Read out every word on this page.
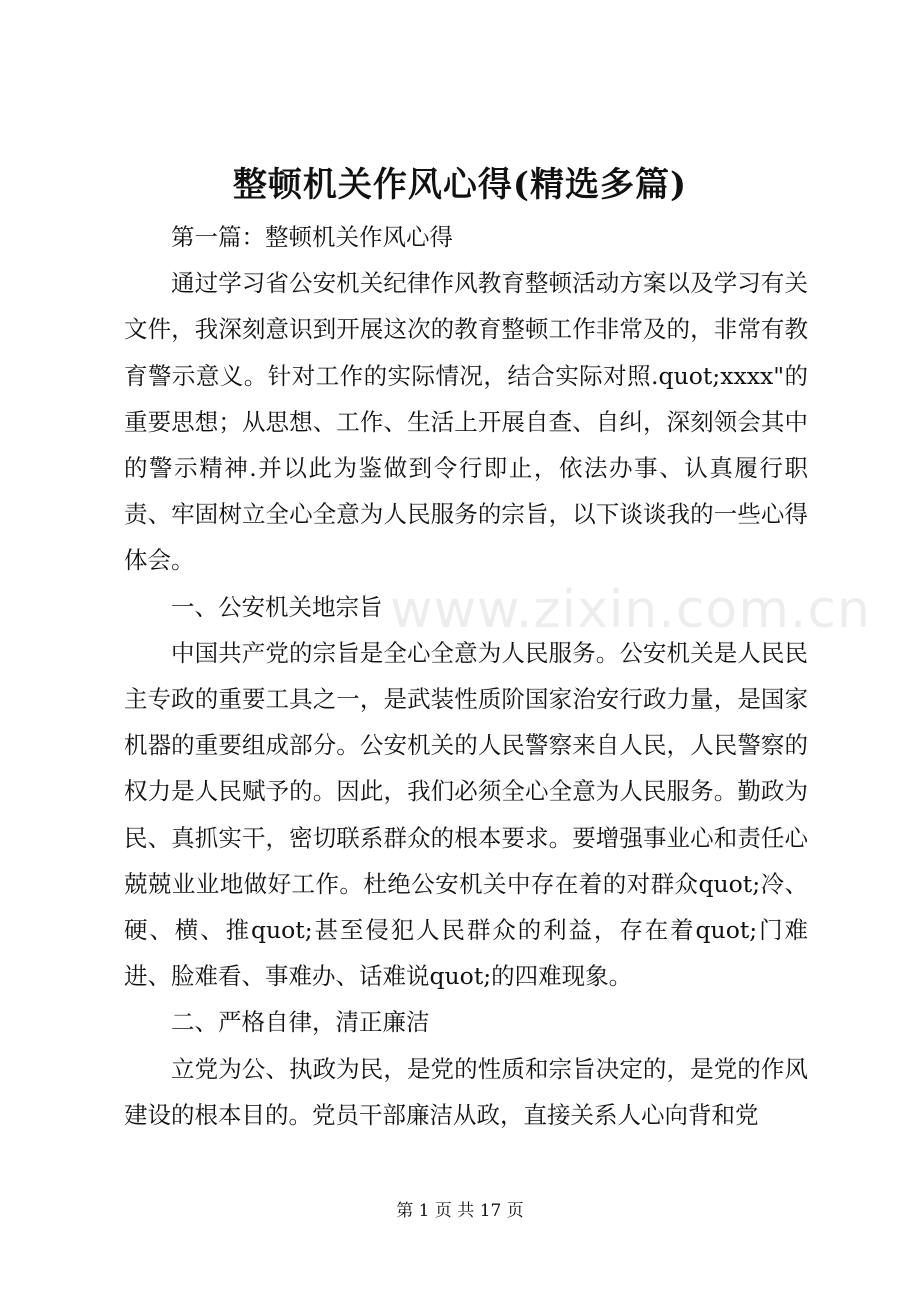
整顿机关作风心得(精选多篇)

第一篇：整顿机关作风心得

通过学习省公安机关纪律作风教育整顿活动方案以及学习有关文件，我深刻意识到开展这次的教育整顿工作非常及的，非常有教育警示意义。针对工作的实际情况，结合实际对照.quot;xxxx"的重要思想；从思想、工作、生活上开展自查、自纠，深刻领会其中的警示精神.并以此为鉴做到令行即止，依法办事、认真履行职责、牢固树立全心全意为人民服务的宗旨，以下谈谈我的一些心得体会。

一、公安机关地宗旨

中国共产党的宗旨是全心全意为人民服务。公安机关是人民民主专政的重要工具之一，是武装性质阶国家治安行政力量，是国家机器的重要组成部分。公安机关的人民警察来自人民，人民警察的权力是人民赋予的。因此，我们必须全心全意为人民服务。勤政为民、真抓实干，密切联系群众的根本要求。要增强事业心和责任心兢兢业业地做好工作。杜绝公安机关中存在着的对群众quot;冷、硬、横、推quot;甚至侵犯人民群众的利益，存在着quot;门难进、脸难看、事难办、话难说quot;的四难现象。

二、严格自律，清正廉洁

立党为公、执政为民，是党的性质和宗旨决定的，是党的作风建设的根本目的。党员干部廉洁从政，直接关系人心向背和党

www.zixin.com.cn
第 1 页 共 17 页
